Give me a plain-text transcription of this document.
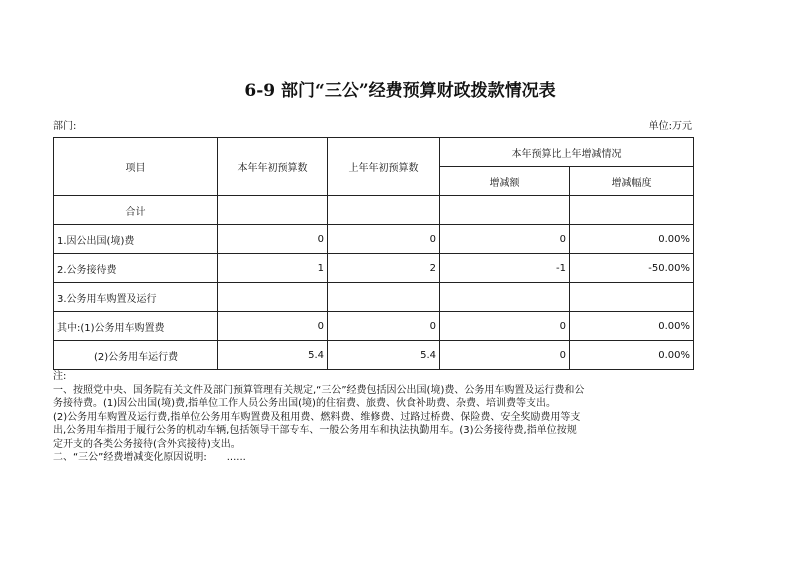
6-9 部门“三公”经费预算财政拨款情况表
部门:	单位:万元
项目	本年年初预算数	上年年初预算数	本年预算比上年增减情况	
			增减额	增减幅度
合计				
1.因公出国(境)费	0	0	0	0.00%
2.公务接待费	1	2	-1	-50.00%
3.公务用车购置及运行				
其中:(1)公务用车购置费	0	0	0	0.00%
(2)公务用车运行费	5.4	5.4	0	0.00%

注:

一、按照党中央、国务院有关文件及部门预算管理有关规定,“三公”经费包括因公出国(境)费、公务用车购置及运行费和公

务接待费。(1)因公出国(境)费,指单位工作人员公务出国(境)的住宿费、旅费、伙食补助费、杂费、培训费等支出。

(2)公务用车购置及运行费,指单位公务用车购置费及租用费、燃料费、维修费、过路过桥费、保险费、安全奖励费用等支

出,公务用车指用于履行公务的机动车辆,包括领导干部专车、一般公务用车和执法执勤用车。(3)公务接待费,指单位按规

定开支的各类公务接待(含外宾接待)支出。

二、“三公”经费增减变化原因说明: ......
